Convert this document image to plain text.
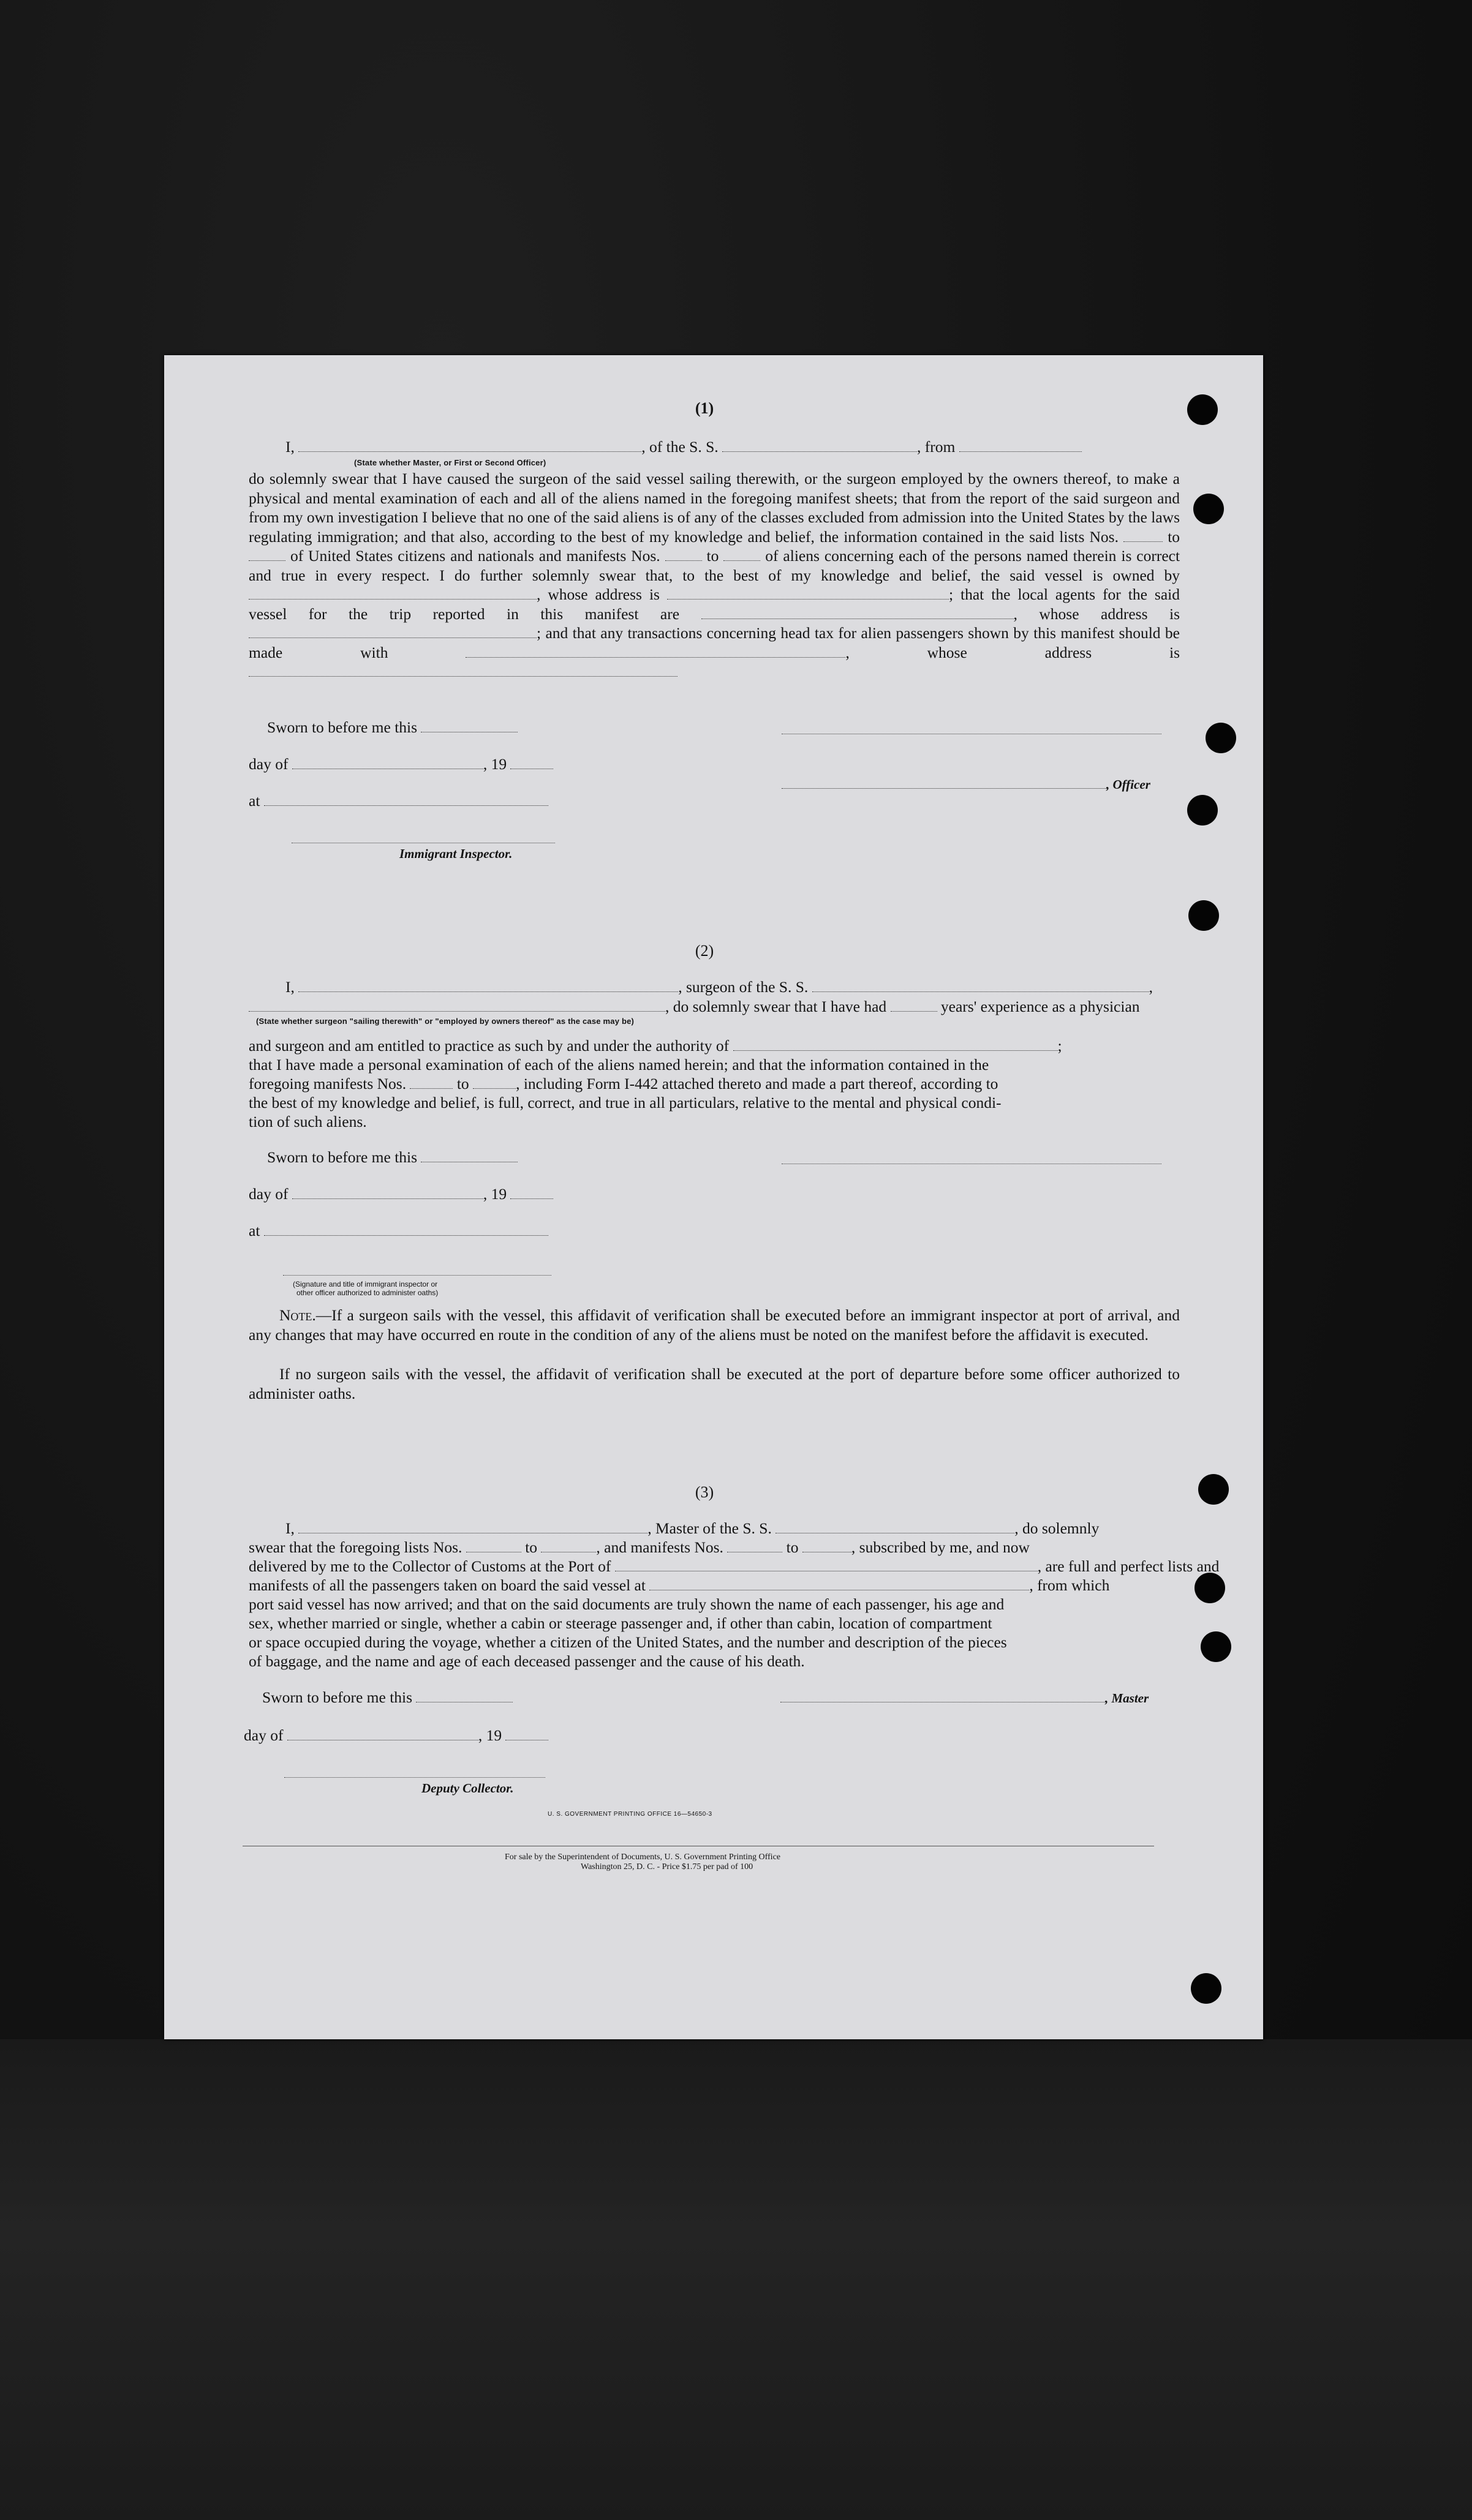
(1)
I,	, of the S. S.	, from
(State whether Master, or First or Second Officer)
do solemnly swear that I have caused the surgeon of the said vessel sailing therewith, or the surgeon employed by the owners thereof, to make a physical and mental examination of each and all of the aliens named in the foregoing manifest sheets; that from the report of the said surgeon and from my own investigation I believe that no one of the said aliens is of any of the classes excluded from admission into the United States by the laws regulating immigration; and that also, according to the best of my knowledge and belief, the information contained in the said lists Nos.	to  of United States citizens and nationals and manifests Nos.	to	of aliens concerning each of the persons named therein is correct and true in every respect. I do further solemnly swear that, to the best of my knowledge and belief, the said vessel is owned by , whose address is	; that the local agents for the said vessel for the trip reported in this manifest are	, whose address is ; and that any transactions concerning head tax for alien passengers shown by this manifest should be made with	, whose address is
Sworn to before me this
day of	, 19
, Officer
at
Immigrant Inspector.
(2)
I,	, surgeon of the S. S.	,
, do solemnly swear that I have had	years' experience as a physician
(State whether surgeon "sailing therewith" or "employed by owners thereof" as the case may be)
and surgeon and am entitled to practice as such by and under the authority of	;
that I have made a personal examination of each of the aliens named herein; and that the information contained in the
foregoing manifests Nos.	to	, including Form I-442 attached thereto and made a part thereof, according to
the best of my knowledge and belief, is full, correct, and true in all particulars, relative to the mental and physical condi-
tion of such aliens.
Sworn to before me this
day of	, 19
at
(Signature and title of immigrant inspector or
other officer authorized to administer oaths)
Note.—If a surgeon sails with the vessel, this affidavit of verification shall be executed before an immigrant inspector at port of arrival, and any changes that may have occurred en route in the condition of any of the aliens must be noted on the manifest before the affidavit is executed.
If no surgeon sails with the vessel, the affidavit of verification shall be executed at the port of departure before some officer authorized to administer oaths.
(3)
I,	, Master of the S. S.	, do solemnly
swear that the foregoing lists Nos.	to	, and manifests Nos.	to	, subscribed by me, and now
delivered by me to the Collector of Customs at the Port of	, are full and perfect lists and
manifests of all the passengers taken on board the said vessel at	, from which
port said vessel has now arrived; and that on the said documents are truly shown the name of each passenger, his age and
sex, whether married or single, whether a cabin or steerage passenger and, if other than cabin, location of compartment
or space occupied during the voyage, whether a citizen of the United States, and the number and description of the pieces
of baggage, and the name and age of each deceased passenger and the cause of his death.
Sworn to before me this	, Master
day of	, 19
Deputy Collector.
U. S. GOVERNMENT PRINTING OFFICE 16—54650-3
For sale by the Superintendent of Documents, U. S. Government Printing Office
Washington 25, D. C. - Price $1.75 per pad of 100
